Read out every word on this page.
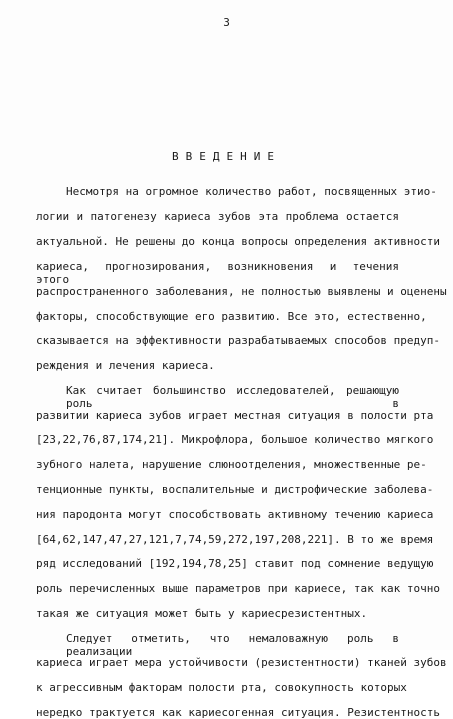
3
ВВЕДЕНИЕ
Несмотря на огромное количество работ, посвященных этио-
логии и патогенезу кариеса зубов эта проблема остается
актуальной. Не решены до конца вопросы определения активности
кариеса, прогнозирования, возникновения и течения этого
распространенного заболевания, не полностью выявлены и оценены
факторы, способствующие его развитию. Все это, естественно,
сказывается на эффективности разрабатываемых способов предуп-
реждения и лечения кариеса.
Как считает большинство исследователей, решающую роль в
развитии кариеса зубов играет местная ситуация в полости рта
[23,22,76,87,174,21]. Микрофлора, большое количество мягкого
зубного налета, нарушение слюноотделения, множественные ре-
тенционные пункты, воспалительные и дистрофические заболева-
ния пародонта могут способствовать активному течению кариеса
[64,62,147,47,27,121,7,74,59,272,197,208,221]. В то же время
ряд исследований [192,194,78,25] ставит под сомнение ведущую
роль перечисленных выше параметров при кариесе, так как точно
такая же ситуация может быть у кариесрезистентных.
Следует отметить, что немаловажную роль в реализации
кариеса играет мера устойчивости (резистентности) тканей зубов
к агрессивным факторам полости рта, совокупность которых
нередко трактуется как кариесогенная ситуация. Резистентность
